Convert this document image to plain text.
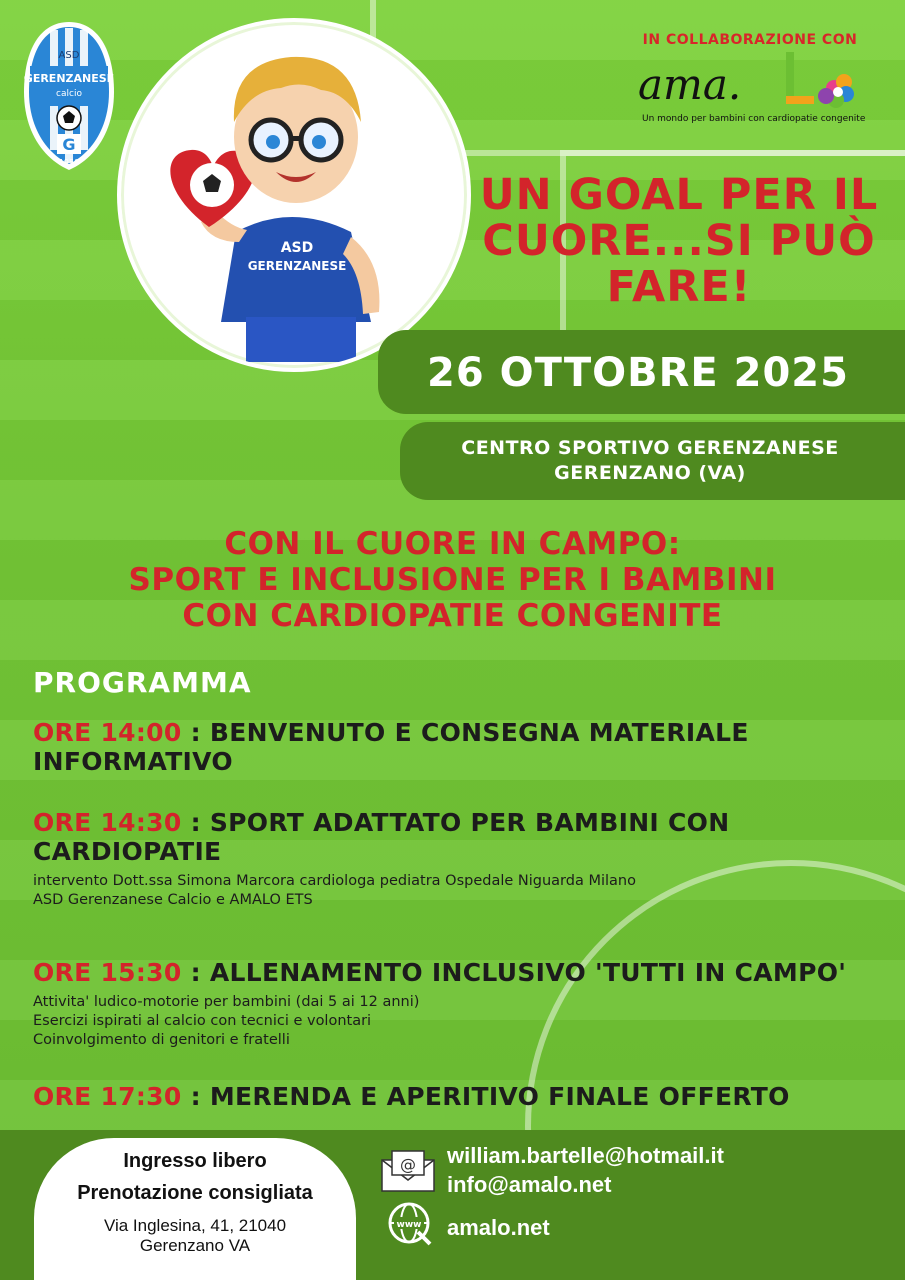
ASD
GERENZANESE
calcio
G
1950
ASD
GERENZANESE
IN COLLABORAZIONE CON
ama.
Un mondo per bambini con cardiopatie congenite
UN GOAL PER IL CUORE...SI PUÒ FARE!
26 OTTOBRE 2025
CENTRO SPORTIVO GERENZANESE
GERENZANO (VA)
CON IL CUORE IN CAMPO:
SPORT E INCLUSIONE PER I BAMBINI
CON CARDIOPATIE CONGENITE
PROGRAMMA
ORE 14:00 : BENVENUTO E CONSEGNA MATERIALE INFORMATIVO
ORE 14:30 : SPORT ADATTATO PER BAMBINI CON CARDIOPATIE
intervento Dott.ssa Simona Marcora cardiologa pediatra Ospedale Niguarda Milano
ASD Gerenzanese Calcio e AMALO ETS
ORE 15:30 : ALLENAMENTO INCLUSIVO 'TUTTI IN CAMPO'
Attivita' ludico-motorie per bambini (dai 5 ai 12 anni)
Esercizi ispirati al calcio con tecnici e volontari
Coinvolgimento di genitori e fratelli
ORE 17:30 : MERENDA E APERITIVO FINALE OFFERTO
Ingresso libero
Prenotazione consigliata
Via Inglesina, 41, 21040
Gerenzano VA
@
www
william.bartelle@hotmail.it
info@amalo.net
amalo.net
